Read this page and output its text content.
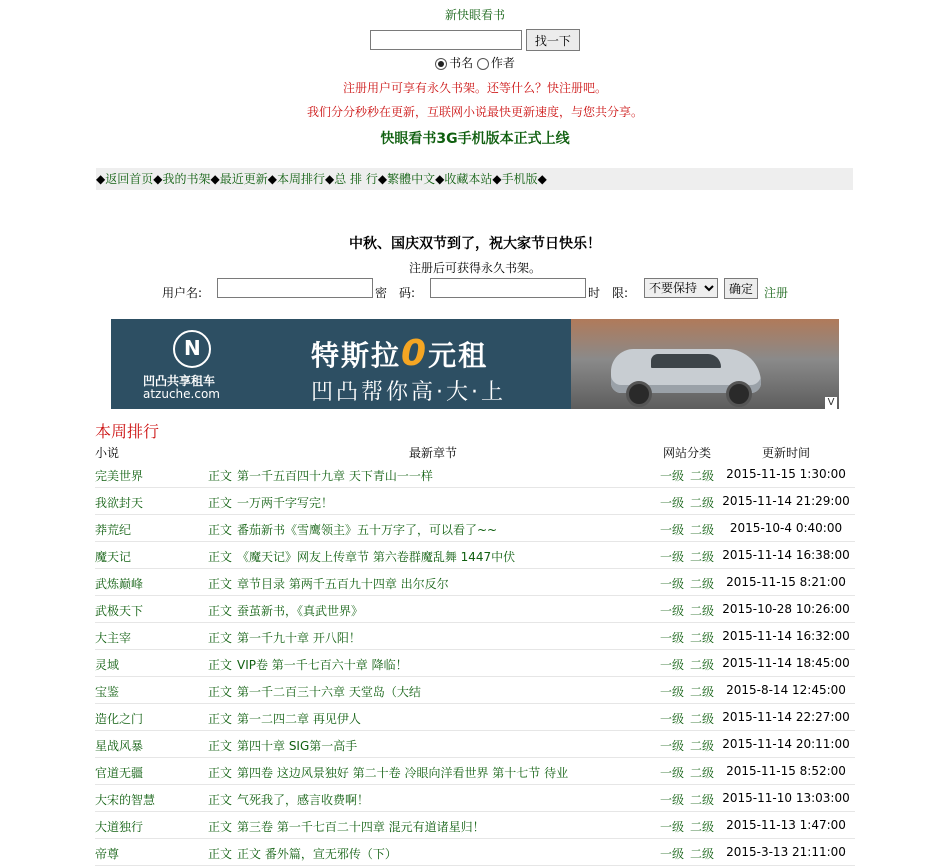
新快眼看书
找一下
书名 作者
注册用户可享有永久书架。还等什么？快注册吧。
我们分分秒秒在更新，互联网小说最快更新速度，与您共分享。
快眼看书3G手机版本正式上线
◆返回首页◆我的书架◆最近更新◆本周排行◆总 排 行◆繁體中文◆收藏本站◆手机版◆
中秋、国庆双节到了，祝大家节日快乐！
注册后可获得永久书架。
用户名:	密　码:	时　限:
不要保持	确定 注册
N
凹凸共享租车
atzuche.com
特斯拉0元租
凹凸帮你高·大·上	V
本周排行
小说	最新章节	网站分类	更新时间
完美世界	正文 第一千五百四十九章 天下青山一一样	一级 二级	2015-11-15 1:30:00
我欲封天	正文 一万两千字写完！	一级 二级 2015-11-14 21:29:00
莽荒纪	正文 番茄新书《雪鹰领主》五十万字了，可以看了~~	一级 二级	2015-10-4 0:40:00
魔天记	正文 《魔天记》网友上传章节 第六卷群魔乱舞 1447中伏	一级 二级 2015-11-14 16:38:00
武炼巅峰	正文 章节目录 第两千五百九十四章 出尔反尔	一级 二级	2015-11-15 8:21:00
武极天下	正文 蚕茧新书，《真武世界》	一级 二级 2015-10-28 10:26:00
大主宰	正文 第一千九十章 开八阳！	一级 二级 2015-11-14 16:32:00
灵域	正文 VIP卷 第一千七百六十章 降临！	一级 二级 2015-11-14 18:45:00
宝鉴	正文 第一千二百三十六章 天堂岛（大结	一级 二级	2015-8-14 12:45:00
造化之门	正文 第一二四二章 再见伊人	一级 二级 2015-11-14 22:27:00
星战风暴	正文 第四十章 SIG第一高手	一级 二级 2015-11-14 20:11:00
官道无疆	正文 第四卷 这边风景独好 第二十卷 冷眼向洋看世界 第十七节 待业	一级 二级	2015-11-15 8:52:00
大宋的智慧	正文 气死我了，感言收费啊！	一级 二级 2015-11-10 13:03:00
大道独行	正文 第三卷 第一千七百二十四章 混元有道诸星归！	一级 二级	2015-11-13 1:47:00
帝尊	正文 正文 番外篇，宣无邪传（下）	一级 二级	2015-3-13 21:11:00
